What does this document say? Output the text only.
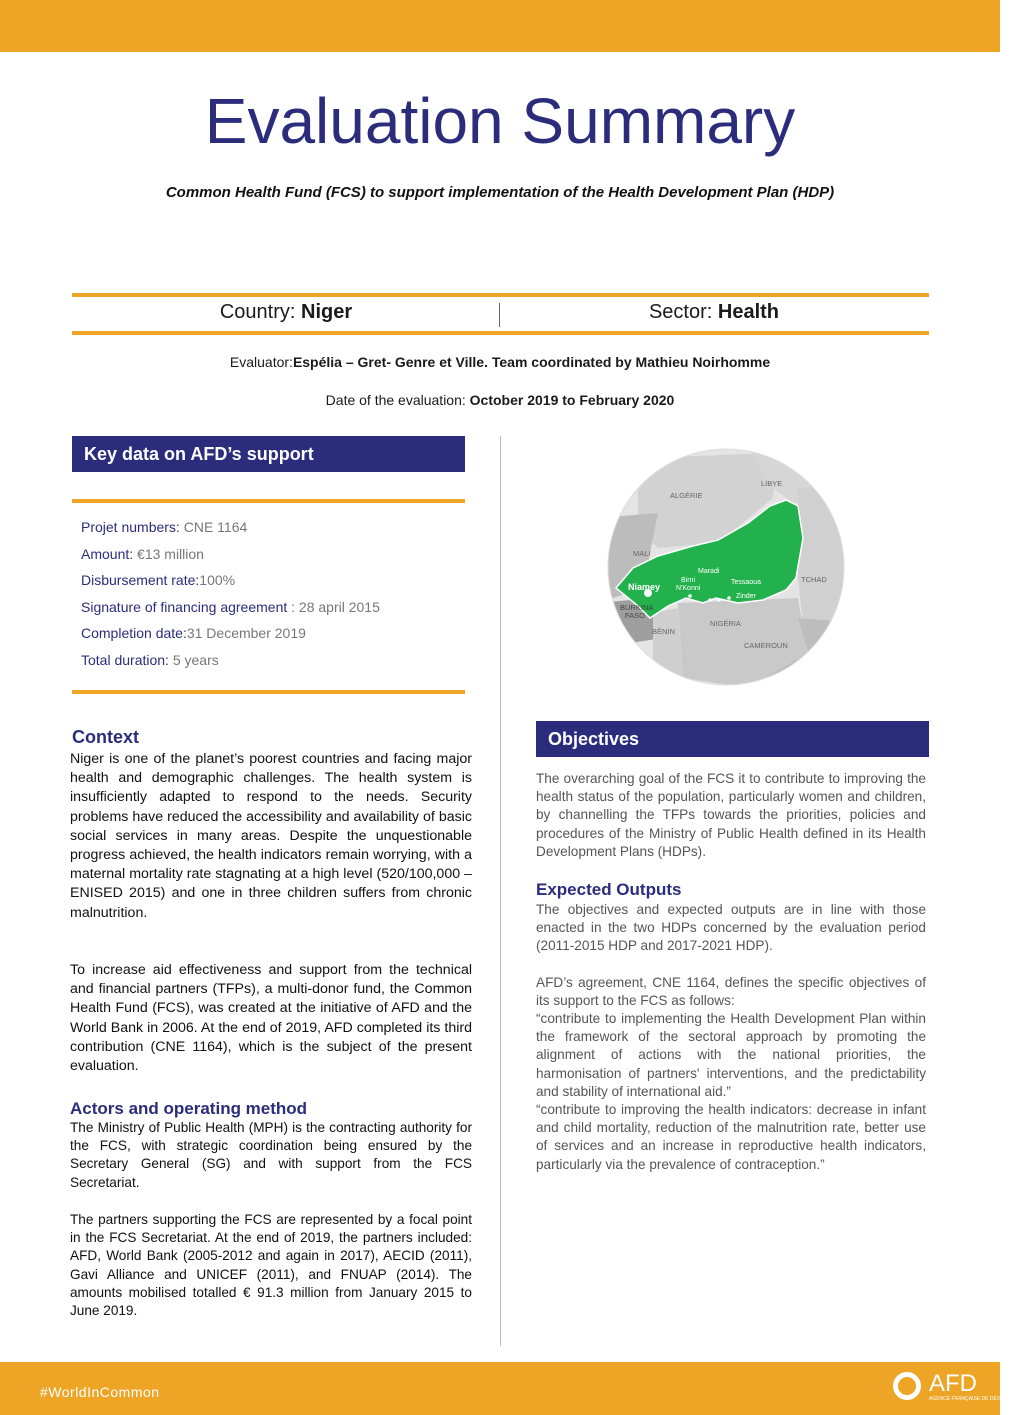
Evaluation Summary
Common Health Fund (FCS) to support implementation of the Health Development Plan (HDP)
Country: Niger	Sector: Health
Evaluator:Espélia – Gret- Genre et Ville. Team coordinated by Mathieu Noirhomme
Date of the evaluation: October 2019 to February 2020
Key data on AFD’s support
Projet numbers: CNE 1164
Amount: €13 million
Disbursement rate:100%
Signature of financing agreement : 28 april 2015
Completion date:31 December 2019
Total duration: 5 years
ALGÉRIE
LIBYE
MALI
TCHAD
BURKINA
FASO
BÉNIN
NIGÉRIA
CAMEROUN
Niamey
Maradi
Birni
N'Konni
Tessaoua
Zinder
Context

Niger is one of the planet’s poorest countries and facing major health and demographic challenges. The health system is insufficiently adapted to respond to the needs. Security problems have reduced the accessibility and availability of basic social services in many areas. Despite the unquestionable progress achieved, the health indicators remain worrying, with a maternal mortality rate stagnating at a high level (520/100,000 – ENISED 2015) and one in three children suffers from chronic malnutrition.

To increase aid effectiveness and support from the technical and financial partners (TFPs), a multi-donor fund, the Common Health Fund (FCS), was created at the initiative of AFD and the World Bank in 2006. At the end of 2019, AFD completed its third contribution (CNE 1164), which is the subject of the present evaluation.

Actors and operating method

The Ministry of Public Health (MPH) is the contracting authority for the FCS, with strategic coordination being ensured by the Secretary General (SG) and with support from the FCS Secretariat.

The partners supporting the FCS are represented by a focal point in the FCS Secretariat. At the end of 2019, the partners included: AFD, World Bank (2005-2012 and again in 2017), AECID (2011), Gavi Alliance and UNICEF (2011), and FNUAP (2014). The amounts mobilised totalled € 91.3 million from January 2015 to June 2019.

Objectives

The overarching goal of the FCS it to contribute to improving the health status of the population, particularly women and children, by channelling the TFPs towards the priorities, policies and procedures of the Ministry of Public Health defined in its Health Development Plans (HDPs).

Expected Outputs

The objectives and expected outputs are in line with those enacted in the two HDPs concerned by the evaluation period (2011-2015 HDP and 2017-2021 HDP).

AFD’s agreement, CNE 1164, defines the specific objectives of its support to the FCS as follows:

“contribute to implementing the Health Development Plan within the framework of the sectoral approach by promoting the alignment of actions with the national priorities, the harmonisation of partners' interventions, and the predictability and stability of international aid.”

“contribute to improving the health indicators: decrease in infant and child mortality, reduction of the malnutrition rate, better use of services and an increase in reproductive health indicators, particularly via the prevalence of contraception.”

#WorldInCommon	AFD
AGENCE FRANÇAISE DE DÉVELOPPEMENT
